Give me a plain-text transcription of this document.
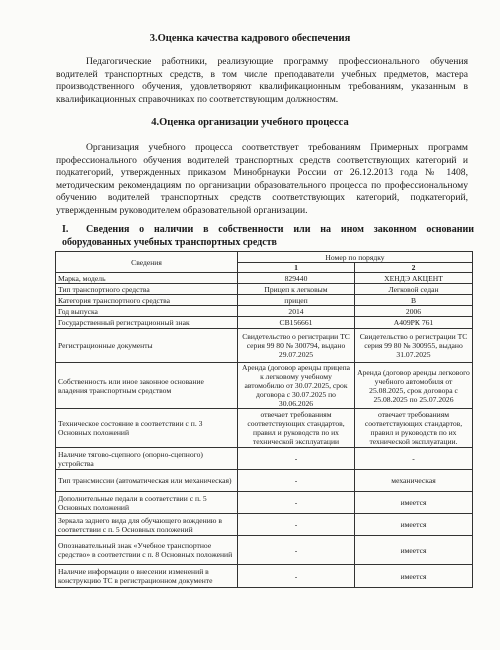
3.Оценка качества кадрового обеспечения
Педагогические работники, реализующие программу профессионального обучения водителей транспортных средств, в том числе преподаватели учебных предметов, мастера производственного обучения, удовлетворяют квалификационным требованиям, указанным в квалификационных справочниках по соответствующим должностям.
4.Оценка организации учебного процесса
Организация учебного процесса соответствует требованиям Примерных программ профессионального обучения водителей транспортных средств соответствующих категорий и подкатегорий, утвержденных приказом Минобрнауки России от 26.12.2013 года № 1408, методическим рекомендациям по организации образовательного процесса по профессиональному обучению водителей транспортных средств соответствующих категорий, подкатегорий, утвержденным руководителем образовательной организации.
I. Сведения о наличии в собственности или на ином законном основании оборудованных учебных транспортных средств
Сведения	Номер по порядку	
	1	2
Марка, модель	829440	ХЕНДЭ АКЦЕНТ
Тип транспортного средства	Прицеп к легковым	Легковой седан
Категория транспортного средства	прицеп	В
Год выпуска	2014	2006
Государственный регистрационный знак	СВ156661	А409РК 761
Регистрационные документы	Свидетельство о регистрации ТС серия 99 80 № 300794, выдано 29.07.2025	Свидетельство о регистрации ТС серия 99 80 № 300955, выдано 31.07.2025
Собственность или иное законное основание владения транспортным средством	Аренда (договор аренды прицепа к легковому учебному автомобилю от 30.07.2025, срок договора с 30.07.2025 по 30.06.2026	Аренда (договор аренды легкового учебного автомобиля от 25.08.2025, срок договора с 25.08.2025 по 25.07.2026
Техническое состояние в соответствии с п. 3 Основных положений	отвечает требованиям соответствующих стандартов, правил и руководств по их технической эксплуатации	отвечает требованиям соответствующих стандартов, правил и руководств по их технической эксплуатации.
Наличие тягово-сцепного (опорно-сцепного) устройства	-	-
Тип трансмиссии (автоматическая или механическая)	-	механическая
Дополнительные педали в соответствии с п. 5 Основных положений	-	имеется
Зеркала заднего вида для обучающего вождению в соответствии с п. 5 Основных положений	-	имеется
Опознавательный знак «Учебное транспортное средство» в соответствии с п. 8 Основных положений	-	имеется
Наличие информации о внесении изменений в конструкцию ТС в регистрационном документе	-	имеется
